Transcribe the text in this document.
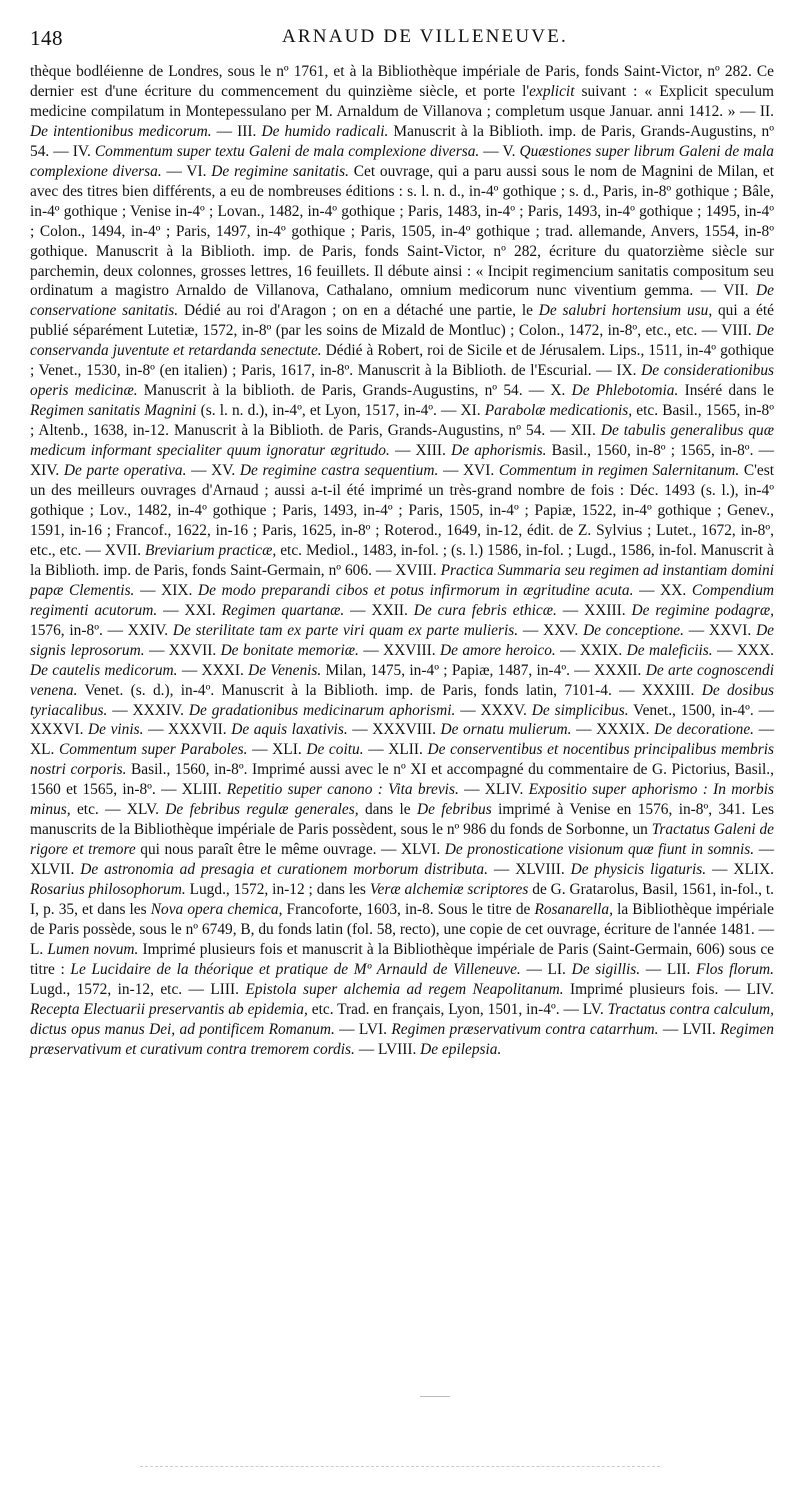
148	ARNAUD DE VILLENEUVE.

thèque bodléienne de Londres, sous le nº 1761, et à la Bibliothèque impériale de Paris, fonds Saint-Victor, nº 282. Ce dernier est d'une écriture du commencement du quinzième siècle, et porte l'explicit suivant : « Explicit speculum medicine compilatum in Montepessulano per M. Arnaldum de Villanova ; completum usque Januar. anni 1412. » — II. De intentionibus medicorum. — III. De humido radicali. Manuscrit à la Biblioth. imp. de Paris, Grands-Augustins, nº 54. — IV. Commentum super textu Galeni de mala complexione diversa. — V. Quæstiones super librum Galeni de mala complexione diversa. — VI. De regimine sanitatis. Cet ouvrage, qui a paru aussi sous le nom de Magnini de Milan, et avec des titres bien différents, a eu de nombreuses éditions : s. l. n. d., in-4º gothique ; s. d., Paris, in-8º gothique ; Bâle, in-4º gothique ; Venise in-4º ; Lovan., 1482, in-4º gothique ; Paris, 1483, in-4º ; Paris, 1493, in-4º gothique ; 1495, in-4º ; Colon., 1494, in-4º ; Paris, 1497, in-4º gothique ; Paris, 1505, in-4º gothique ; trad. allemande, Anvers, 1554, in-8º gothique. Manuscrit à la Biblioth. imp. de Paris, fonds Saint-Victor, nº 282, écriture du quatorzième siècle sur parchemin, deux colonnes, grosses lettres, 16 feuillets. Il débute ainsi : « Incipit regimencium sanitatis compositum seu ordinatum a magistro Arnaldo de Villanova, Cathalano, omnium medicorum nunc viventium gemma. — VII. De conservatione sanitatis. Dédié au roi d'Aragon ; on en a détaché une partie, le De salubri hortensium usu, qui a été publié séparément Lutetiæ, 1572, in-8º (par les soins de Mizald de Montluc) ; Colon., 1472, in-8º, etc., etc. — VIII. De conservanda juventute et retardanda senectute. Dédié à Robert, roi de Sicile et de Jérusalem. Lips., 1511, in-4º gothique ; Venet., 1530, in-8º (en italien) ; Paris, 1617, in-8º. Manuscrit à la Biblioth. de l'Escurial. — IX. De considerationibus operis medicinæ. Manuscrit à la biblioth. de Paris, Grands-Augustins, nº 54. — X. De Phlebotomia. Inséré dans le Regimen sanitatis Magnini (s. l. n. d.), in-4º, et Lyon, 1517, in-4º. — XI. Parabolæ medicationis, etc. Basil., 1565, in-8º ; Altenb., 1638, in-12. Manuscrit à la Biblioth. de Paris, Grands-Augustins, nº 54. — XII. De tabulis generalibus quæ medicum informant specialiter quum ignoratur ægritudo. — XIII. De aphorismis. Basil., 1560, in-8º ; 1565, in-8º. — XIV. De parte operativa. — XV. De regimine castra sequentium. — XVI. Commentum in regimen Salernitanum. C'est un des meilleurs ouvrages d'Arnaud ; aussi a-t-il été imprimé un très-grand nombre de fois : Déc. 1493 (s. l.), in-4º gothique ; Lov., 1482, in-4º gothique ; Paris, 1493, in-4º ; Paris, 1505, in-4º ; Papiæ, 1522, in-4º gothique ; Genev., 1591, in-16 ; Francof., 1622, in-16 ; Paris, 1625, in-8º ; Roterod., 1649, in-12, édit. de Z. Sylvius ; Lutet., 1672, in-8º, etc., etc. — XVII. Breviarium practicæ, etc. Mediol., 1483, in-fol. ; (s. l.) 1586, in-fol. ; Lugd., 1586, in-fol. Manuscrit à la Biblioth. imp. de Paris, fonds Saint-Germain, nº 606. — XVIII. Practica Summaria seu regimen ad instantiam domini papæ Clementis. — XIX. De modo preparandi cibos et potus infirmorum in ægritudine acuta. — XX. Compendium regimenti acutorum. — XXI. Regimen quartanæ. — XXII. De cura febris ethicæ. — XXIII. De regimine podagræ, 1576, in-8º. — XXIV. De sterilitate tam ex parte viri quam ex parte mulieris. — XXV. De conceptione. — XXVI. De signis leprosorum. — XXVII. De bonitate memoriæ. — XXVIII. De amore heroico. — XXIX. De maleficiis. — XXX. De cautelis medicorum. — XXXI. De Venenis. Milan, 1475, in-4º ; Papiæ, 1487, in-4º. — XXXII. De arte cognoscendi venena. Venet. (s. d.), in-4º. Manuscrit à la Biblioth. imp. de Paris, fonds latin, 7101-4. — XXXIII. De dosibus tyriacalibus. — XXXIV. De gradationibus medicinarum aphorismi. — XXXV. De simplicibus. Venet., 1500, in-4º. — XXXVI. De vinis. — XXXVII. De aquis laxativis. — XXXVIII. De ornatu mulierum. — XXXIX. De decoratione. — XL. Commentum super Paraboles. — XLI. De coitu. — XLII. De conserventibus et nocentibus principalibus membris nostri corporis. Basil., 1560, in-8º. Imprimé aussi avec le nº XI et accompagné du commentaire de G. Pictorius, Basil., 1560 et 1565, in-8º. — XLIII. Repetitio super canono : Vita brevis. — XLIV. Expositio super aphorismo : In morbis minus, etc. — XLV. De febribus regulæ generales, dans le De febribus imprimé à Venise en 1576, in-8º, 341. Les manuscrits de la Bibliothèque impériale de Paris possèdent, sous le nº 986 du fonds de Sorbonne, un Tractatus Galeni de rigore et tremore qui nous paraît être le même ouvrage. — XLVI. De pronosticatione visionum quæ fiunt in somnis. — XLVII. De astronomia ad presagia et curationem morborum distributa. — XLVIII. De physicis ligaturis. — XLIX. Rosarius philosophorum. Lugd., 1572, in-12 ; dans les Veræ alchemiæ scriptores de G. Gratarolus, Basil, 1561, in-fol., t. I, p. 35, et dans les Nova opera chemica, Francoforte, 1603, in-8. Sous le titre de Rosanarella, la Bibliothèque impériale de Paris possède, sous le nº 6749, B, du fonds latin (fol. 58, recto), une copie de cet ouvrage, écriture de l'année 1481. — L. Lumen novum. Imprimé plusieurs fois et manuscrit à la Bibliothèque impériale de Paris (Saint-Germain, 606) sous ce titre : Le Lucidaire de la théorique et pratique de Mº Arnauld de Villeneuve. — LI. De sigillis. — LII. Flos florum. Lugd., 1572, in-12, etc. — LIII. Epistola super alchemia ad regem Neapolitanum. Imprimé plusieurs fois. — LIV. Recepta Electuarii preservantis ab epidemia, etc. Trad. en français, Lyon, 1501, in-4º. — LV. Tractatus contra calculum, dictus opus manus Dei, ad pontificem Romanum. — LVI. Regimen præservativum contra catarrhum. — LVII. Regimen præservativum et curativum contra tremorem cordis. — LVIII. De epilepsia.
